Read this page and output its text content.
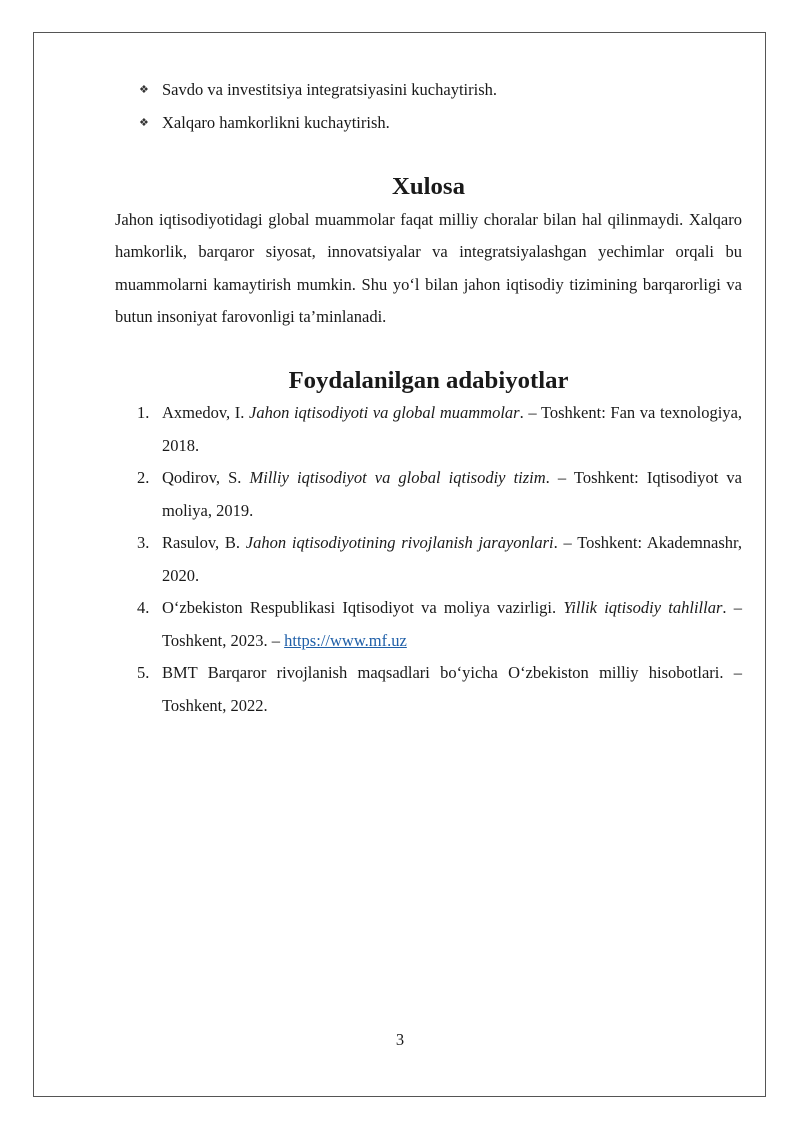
❖ Savdo va investitsiya integratsiyasini kuchaytirish.
❖ Xalqaro hamkorlikni kuchaytirish.
Xulosa

Jahon iqtisodiyotidagi global muammolar faqat milliy choralar bilan hal qilinmaydi. Xalqaro hamkorlik, barqaror siyosat, innovatsiyalar va integratsiyalashgan yechimlar orqali bu muammolarni kamaytirish mumkin. Shu yo‘l bilan jahon iqtisodiy tizimining barqarorligi va butun insoniyat farovonligi ta’minlanadi.

Foydalanilgan adabiyotlar
1. Axmedov, I. Jahon iqtisodiyoti va global muammolar. – Toshkent: Fan va texnologiya, 2018.
2. Qodirov, S. Milliy iqtisodiyot va global iqtisodiy tizim. – Toshkent: Iqtisodiyot va moliya, 2019.
3. Rasulov, B. Jahon iqtisodiyotining rivojlanish jarayonlari. – Toshkent: Akademnashr, 2020.
4. O‘zbekiston Respublikasi Iqtisodiyot va moliya vazirligi. Yillik iqtisodiy tahlillar. – Toshkent, 2023. – https://www.mf.uz
5. BMT Barqaror rivojlanish maqsadlari bo‘yicha O‘zbekiston milliy hisobotlari. – Toshkent, 2022.
3
